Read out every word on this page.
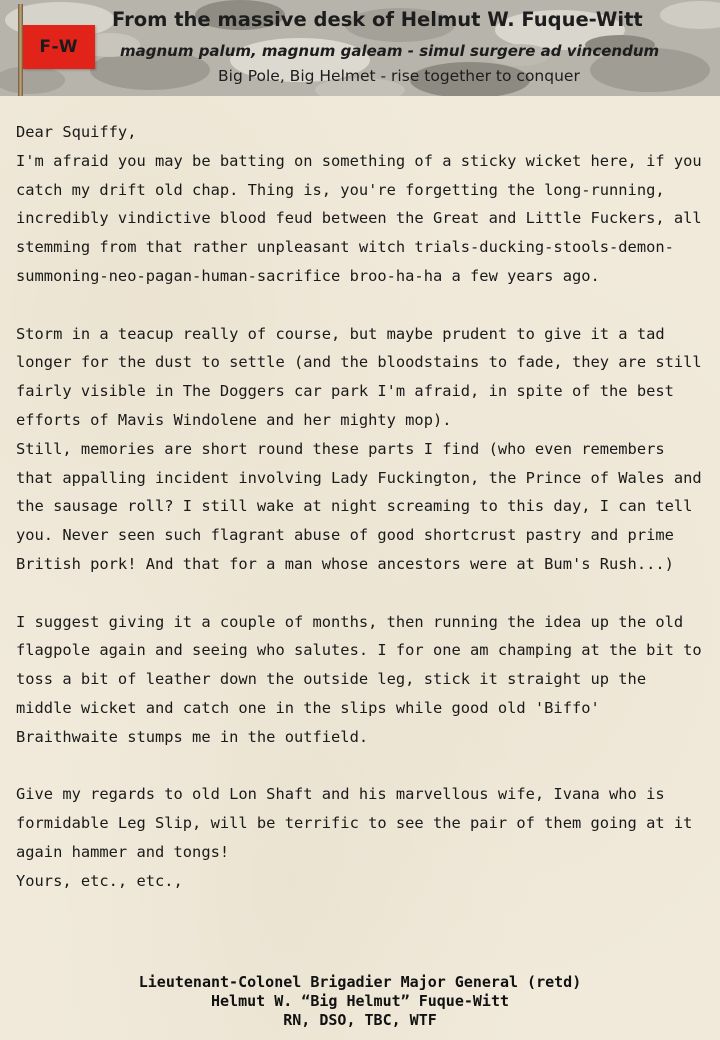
F-W
From the massive desk of Helmut W. Fuque-Witt
magnum palum, magnum galeam - simul surgere ad vincendum
Big Pole, Big Helmet - rise together to conquer

Dear Squiffy,

I'm afraid you may be batting on something of a sticky wicket here, if you catch my drift old chap. Thing is, you're forgetting the long-running, incredibly vindictive blood feud between the Great and Little Fuckers, all stemming from that rather unpleasant witch trials-ducking-stools-demon-summoning-neo-pagan-human-sacrifice broo-ha-ha a few years ago.

Storm in a teacup really of course, but maybe prudent to give it a tad longer for the dust to settle (and the bloodstains to fade, they are still fairly visible in The Doggers car park I'm afraid, in spite of the best efforts of Mavis Windolene and her mighty mop).

Still, memories are short round these parts I find (who even remembers that appalling incident involving Lady Fuckington, the Prince of Wales and the sausage roll? I still wake at night screaming to this day, I can tell you. Never seen such flagrant abuse of good shortcrust pastry and prime British pork! And that for a man whose ancestors were at Bum's Rush...)

I suggest giving it a couple of months, then running the idea up the old flagpole again and seeing who salutes. I for one am champing at the bit to toss a bit of leather down the outside leg, stick it straight up the middle wicket and catch one in the slips while good old 'Biffo' Braithwaite stumps me in the outfield.

Give my regards to old Lon Shaft and his marvellous wife, Ivana who is formidable Leg Slip, will be terrific to see the pair of them going at it again hammer and tongs!

Yours, etc., etc.,

Lieutenant-Colonel Brigadier Major General (retd)
Helmut W. “Big Helmut” Fuque-Witt
RN, DSO, TBC, WTF
